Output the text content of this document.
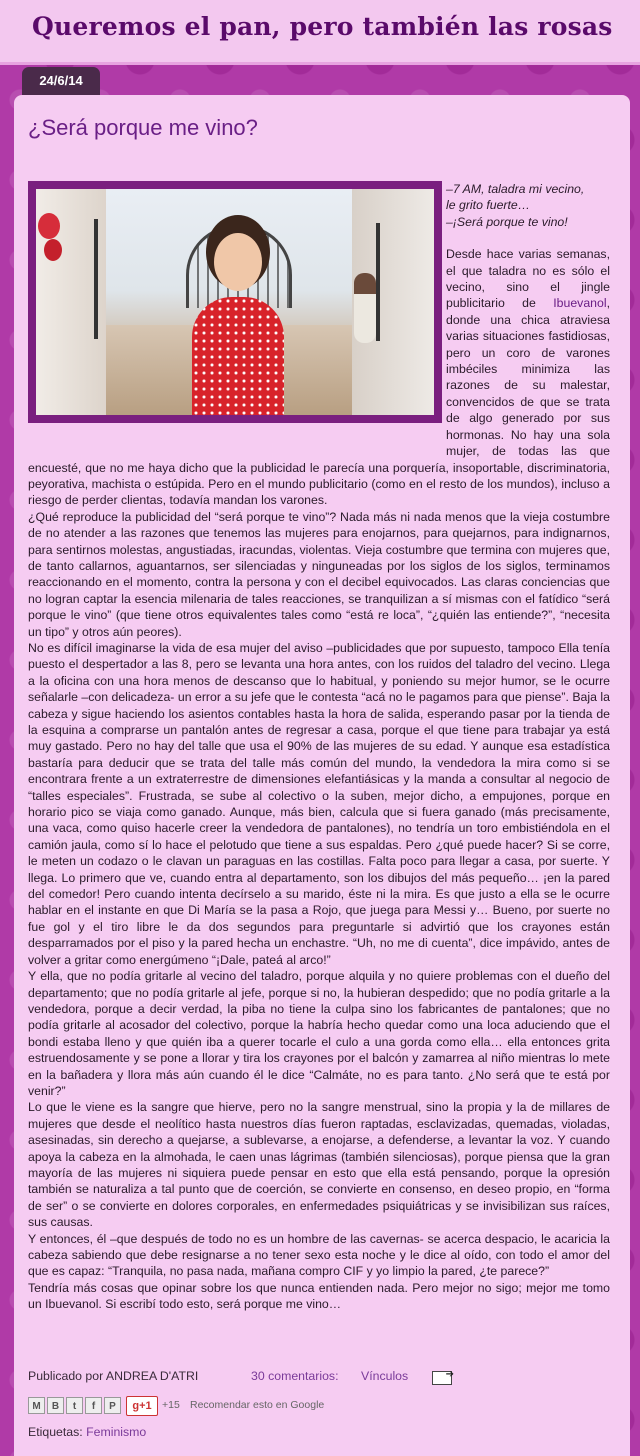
Queremos el pan, pero también las rosas
24/6/14
¿Será porque me vino?
–7 AM, taladra mi vecino,
le grito fuerte…
–¡Será porque te vino!

Desde hace varias semanas, el que taladra no es sólo el vecino, sino el jingle publicitario de Ibuevanol, donde una chica atraviesa varias situaciones fastidiosas, pero un coro de varones imbéciles minimiza las razones de su malestar, convencidos de que se trata de algo generado por sus hormonas. No hay una sola mujer, de todas las que encuesté, que no me haya dicho que la publicidad le parecía una porquería, insoportable, discriminatoria, peyorativa, machista o estúpida. Pero en el mundo publicitario (como en el resto de los mundos), incluso a riesgo de perder clientas, todavía mandan los varones.

¿Qué reproduce la publicidad del “será porque te vino”? Nada más ni nada menos que la vieja costumbre de no atender a las razones que tenemos las mujeres para enojarnos, para quejarnos, para indignarnos, para sentirnos molestas, angustiadas, iracundas, violentas. Vieja costumbre que termina con mujeres que, de tanto callarnos, aguantarnos, ser silenciadas y ninguneadas por los siglos de los siglos, terminamos reaccionando en el momento, contra la persona y con el decibel equivocados. Las claras conciencias que no logran captar la esencia milenaria de tales reacciones, se tranquilizan a sí mismas con el fatídico “será porque le vino” (que tiene otros equivalentes tales como “está re loca”, “¿quién las entiende?”, “necesita un tipo” y otros aún peores).

No es difícil imaginarse la vida de esa mujer del aviso –publicidades que por supuesto, tampoco Ella tenía puesto el despertador a las 8, pero se levanta una hora antes, con los ruidos del taladro del vecino. Llega a la oficina con una hora menos de descanso que lo habitual, y poniendo su mejor humor, se le ocurre señalarle –con delicadeza- un error a su jefe que le contesta “acá no le pagamos para que piense”. Baja la cabeza y sigue haciendo los asientos contables hasta la hora de salida, esperando pasar por la tienda de la esquina a comprarse un pantalón antes de regresar a casa, porque el que tiene para trabajar ya está muy gastado. Pero no hay del talle que usa el 90% de las mujeres de su edad. Y aunque esa estadística bastaría para deducir que se trata del talle más común del mundo, la vendedora la mira como si se encontrara frente a un extraterrestre de dimensiones elefantiásicas y la manda a consultar al negocio de “talles especiales”. Frustrada, se sube al colectivo o la suben, mejor dicho, a empujones, porque en horario pico se viaja como ganado. Aunque, más bien, calcula que si fuera ganado (más precisamente, una vaca, como quiso hacerle creer la vendedora de pantalones), no tendría un toro embistiéndola en el camión jaula, como sí lo hace el pelotudo que tiene a sus espaldas. Pero ¿qué puede hacer? Si se corre, le meten un codazo o le clavan un paraguas en las costillas. Falta poco para llegar a casa, por suerte. Y llega. Lo primero que ve, cuando entra al departamento, son los dibujos del más pequeño… ¡en la pared del comedor! Pero cuando intenta decírselo a su marido, éste ni la mira. Es que justo a ella se le ocurre hablar en el instante en que Di María se la pasa a Rojo, que juega para Messi y… Bueno, por suerte no fue gol y el tiro libre le da dos segundos para preguntarle si advirtió que los crayones están desparramados por el piso y la pared hecha un enchastre. “Uh, no me di cuenta”, dice impávido, antes de volver a gritar como energúmeno “¡Dale, pateá al arco!”

Y ella, que no podía gritarle al vecino del taladro, porque alquila y no quiere problemas con el dueño del departamento; que no podía gritarle al jefe, porque si no, la hubieran despedido; que no podía gritarle a la vendedora, porque a decir verdad, la piba no tiene la culpa sino los fabricantes de pantalones; que no podía gritarle al acosador del colectivo, porque la habría hecho quedar como una loca aduciendo que el bondi estaba lleno y que quién iba a querer tocarle el culo a una gorda como ella… ella entonces grita estruendosamente y se pone a llorar y tira los crayones por el balcón y zamarrea al niño mientras lo mete en la bañadera y llora más aún cuando él le dice “Calmáte, no es para tanto. ¿No será que te está por venir?”

Lo que le viene es la sangre que hierve, pero no la sangre menstrual, sino la propia y la de millares de mujeres que desde el neolítico hasta nuestros días fueron raptadas, esclavizadas, quemadas, violadas, asesinadas, sin derecho a quejarse, a sublevarse, a enojarse, a defenderse, a levantar la voz. Y cuando apoya la cabeza en la almohada, le caen unas lágrimas (también silenciosas), porque piensa que la gran mayoría de las mujeres ni siquiera puede pensar en esto que ella está pensando, porque la opresión también se naturaliza a tal punto que de coerción, se convierte en consenso, en deseo propio, en “forma de ser” o se convierte en dolores corporales, en enfermedades psiquiátricas y se invisibilizan sus raíces, sus causas.

Y entonces, él –que después de todo no es un hombre de las cavernas- se acerca despacio, le acaricia la cabeza sabiendo que debe resignarse a no tener sexo esta noche y le dice al oído, con todo el amor del que es capaz: “Tranquila, no pasa nada, mañana compro CIF y yo limpio la pared, ¿te parece?”

Tendría más cosas que opinar sobre los que nunca entienden nada. Pero mejor no sigo; mejor me tomo un Ibuevanol. Si escribí todo esto, será porque me vino…

Publicado por ANDREA D'ATRI	30 comentarios: Vínculos
➔
M	B	t	f	P	g+1 +15 Recomendar esto en Google
Etiquetas: Feminismo
